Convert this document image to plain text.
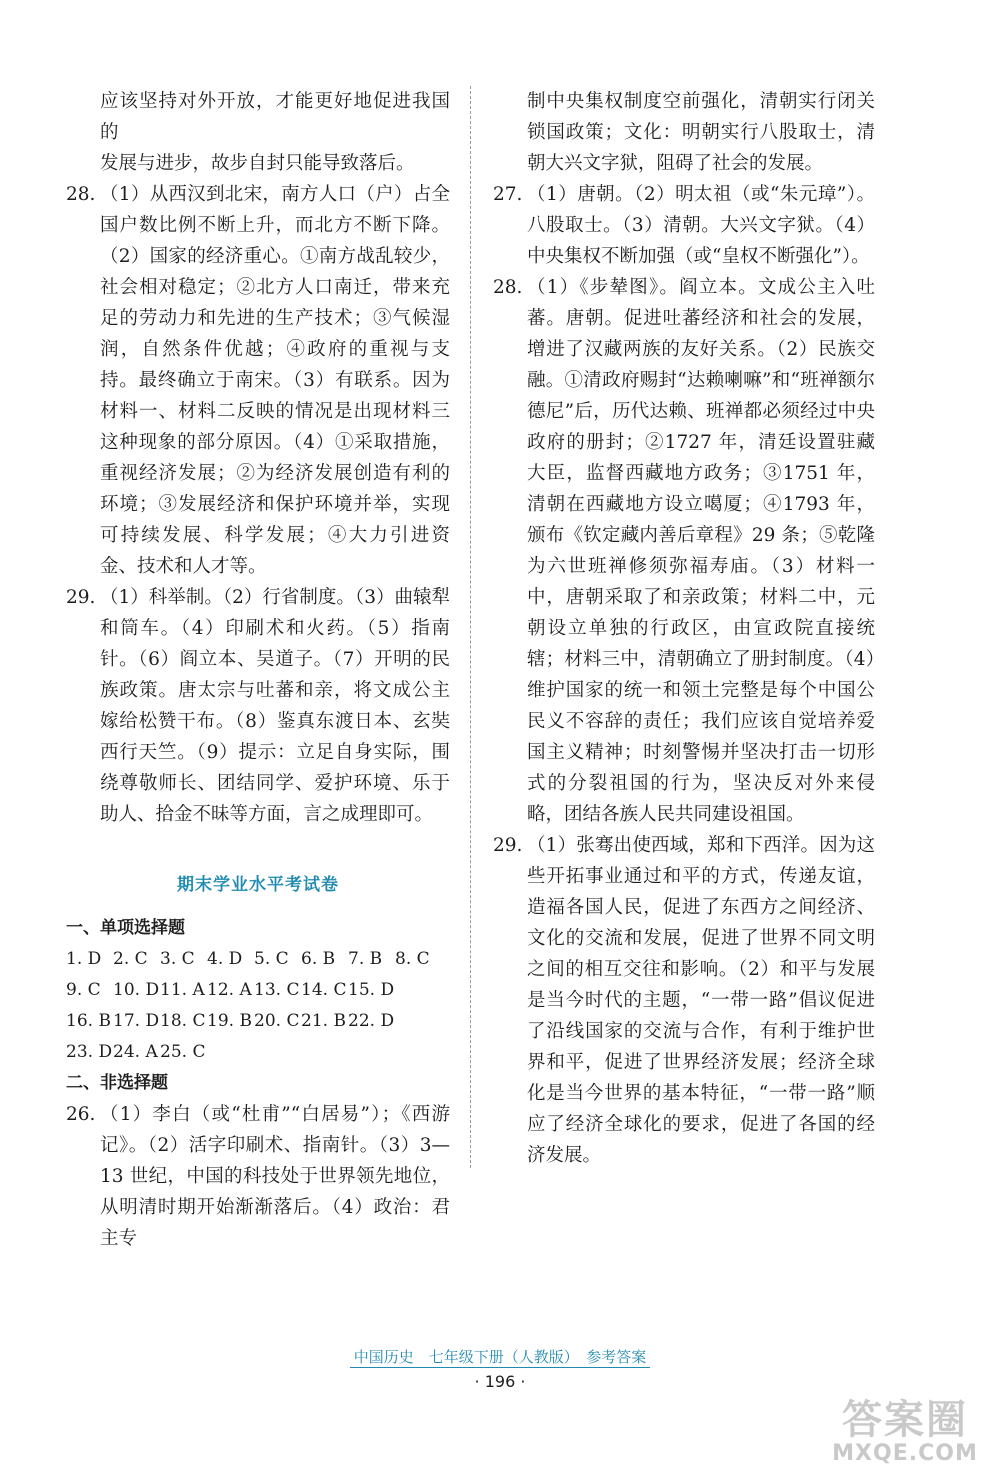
应该坚持对外开放，才能更好地促进我国的
发展与进步，故步自封只能导致落后。
28. （1）从西汉到北宋，南方人口（户）占全国户数比例不断上升，而北方不断下降。（2）国家的经济重心。①南方战乱较少，社会相对稳定；②北方人口南迁，带来充足的劳动力和先进的生产技术；③气候湿润，自然条件优越；④政府的重视与支持。最终确立于南宋。（3）有联系。因为材料一、材料二反映的情况是出现材料三这种现象的部分原因。（4）①采取措施，重视经济发展；②为经济发展创造有利的环境；③发展经济和保护环境并举，实现可持续发展、科学发展；④大力引进资金、技术和人才等。
29. （1）科举制。（2）行省制度。（3）曲辕犁和筒车。（4）印刷术和火药。（5）指南针。（6）阎立本、吴道子。（7）开明的民族政策。唐太宗与吐蕃和亲，将文成公主嫁给松赞干布。（8）鉴真东渡日本、玄奘西行天竺。（9）提示：立足自身实际，围绕尊敬师长、团结同学、爱护环境、乐于助人、拾金不昧等方面，言之成理即可。
期末学业水平考试卷
一、单项选择题
1. D 2. C 3. C 4. D 5. C 6. B 7. B 8. C
9. C 10. D 11. A 12. A 13. C 14. C 15. D
16. B 17. D 18. C 19. B 20. C 21. B 22. D
23. D 24. A 25. C
二、非选择题
26. （1）李白（或“杜甫”“白居易”）；《西游记》。（2）活字印刷术、指南针。（3）3—13 世纪，中国的科技处于世界领先地位，从明清时期开始渐渐落后。（4）政治：君主专
制中央集权制度空前强化，清朝实行闭关锁国政策；文化：明朝实行八股取士，清朝大兴文字狱，阻碍了社会的发展。
27. （1）唐朝。（2）明太祖（或“朱元璋”）。八股取士。（3）清朝。大兴文字狱。（4）中央集权不断加强（或“皇权不断强化”）。
28. （1）《步辇图》。阎立本。文成公主入吐蕃。唐朝。促进吐蕃经济和社会的发展，增进了汉藏两族的友好关系。（2）民族交融。①清政府赐封“达赖喇嘛”和“班禅额尔德尼”后，历代达赖、班禅都必须经过中央政府的册封；②1727 年，清廷设置驻藏大臣，监督西藏地方政务；③1751 年，清朝在西藏地方设立噶厦；④1793 年，颁布《钦定藏内善后章程》29 条；⑤乾隆为六世班禅修须弥福寿庙。（3）材料一中，唐朝采取了和亲政策；材料二中，元朝设立单独的行政区，由宣政院直接统辖；材料三中，清朝确立了册封制度。（4）维护国家的统一和领土完整是每个中国公民义不容辞的责任；我们应该自觉培养爱国主义精神；时刻警惕并坚决打击一切形式的分裂祖国的行为，坚决反对外来侵略，团结各族人民共同建设祖国。
29. （1）张骞出使西域，郑和下西洋。因为这些开拓事业通过和平的方式，传递友谊，造福各国人民，促进了东西方之间经济、文化的交流和发展，促进了世界不同文明之间的相互交往和影响。（2）和平与发展是当今时代的主题，“一带一路”倡议促进了沿线国家的交流与合作，有利于维护世界和平，促进了世界经济发展；经济全球化是当今世界的基本特征，“一带一路”顺应了经济全球化的要求，促进了各国的经济发展。
中国历史　七年级下册（人教版）　参考答案
· 196 ·
答案圈
MXQE.COM
